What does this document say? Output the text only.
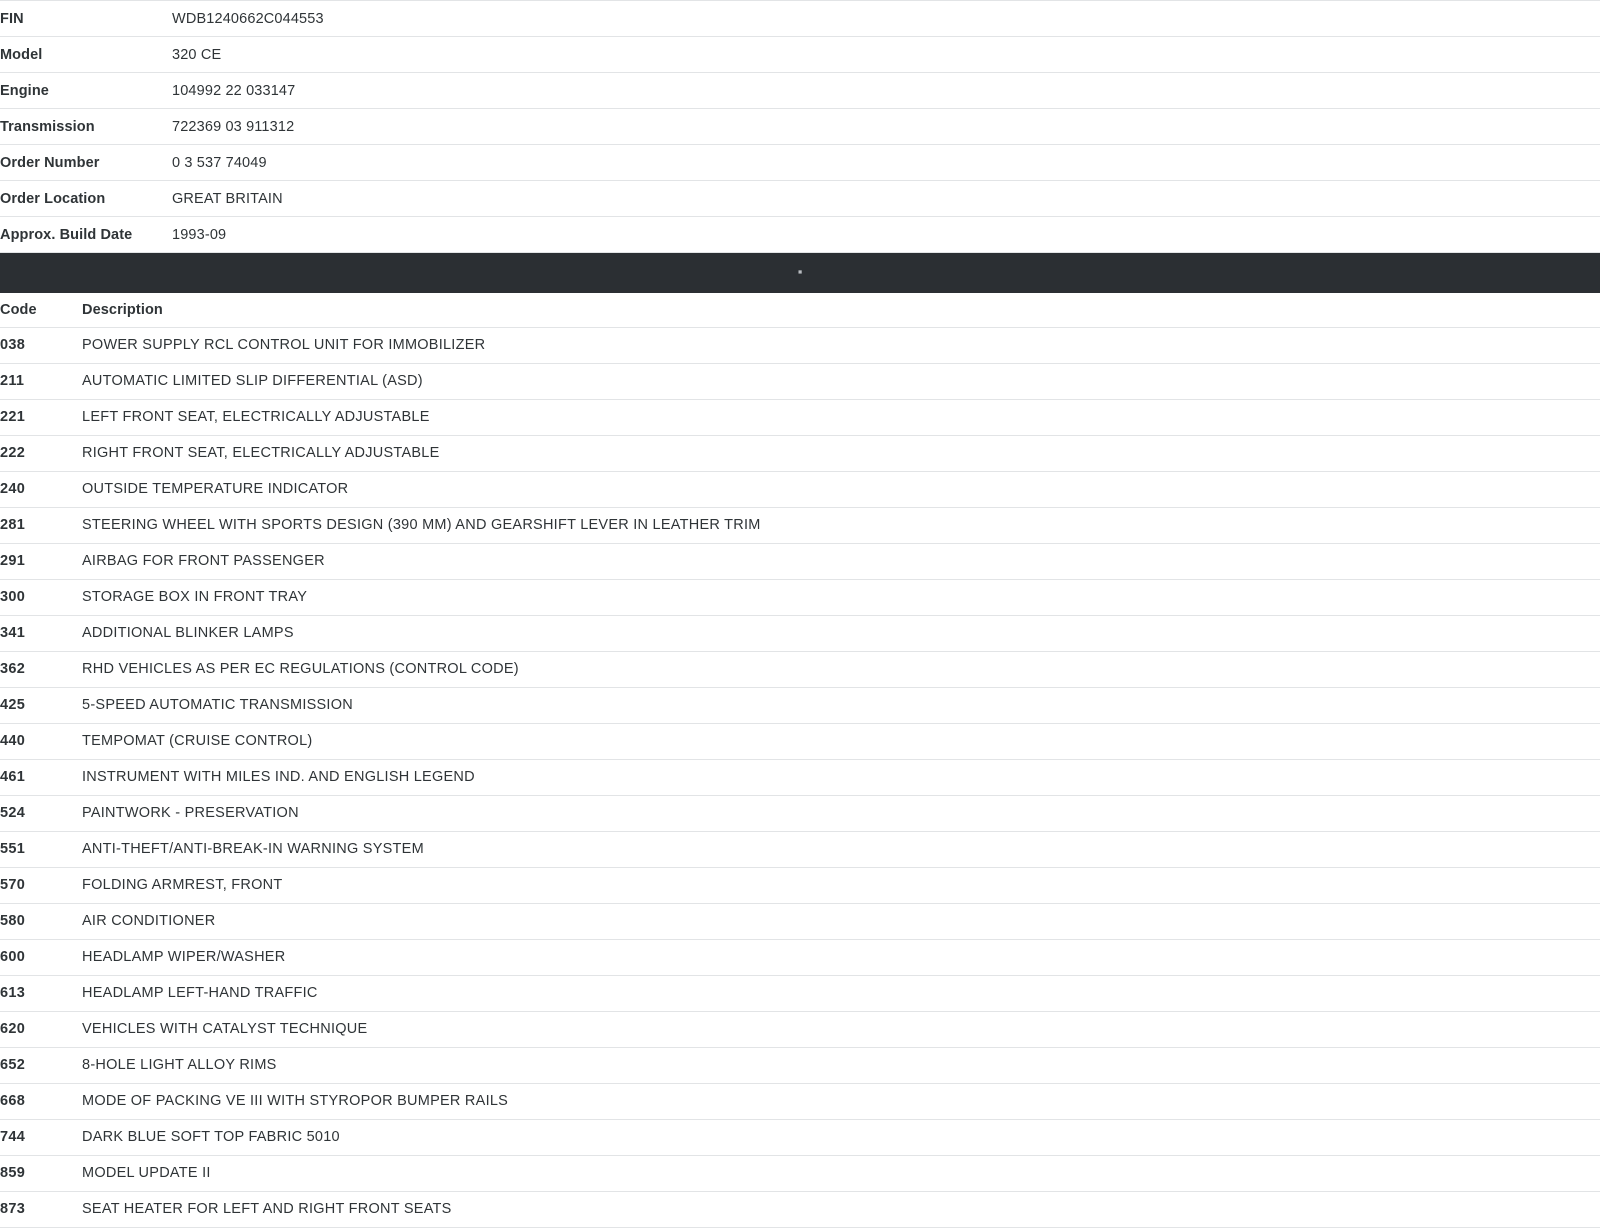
FIN	WDB1240662C044553
Model	320 CE
Engine	104992 22 033147
Transmission	722369 03 911312
Order Number	0 3 537 74049
Order Location	GREAT BRITAIN
Approx. Build Date	1993-09
▪
Code	Description
038	POWER SUPPLY RCL CONTROL UNIT FOR IMMOBILIZER
211	AUTOMATIC LIMITED SLIP DIFFERENTIAL (ASD)
221	LEFT FRONT SEAT, ELECTRICALLY ADJUSTABLE
222	RIGHT FRONT SEAT, ELECTRICALLY ADJUSTABLE
240	OUTSIDE TEMPERATURE INDICATOR
281	STEERING WHEEL WITH SPORTS DESIGN (390 MM) AND GEARSHIFT LEVER IN LEATHER TRIM
291	AIRBAG FOR FRONT PASSENGER
300	STORAGE BOX IN FRONT TRAY
341	ADDITIONAL BLINKER LAMPS
362	RHD VEHICLES AS PER EC REGULATIONS (CONTROL CODE)
425	5-SPEED AUTOMATIC TRANSMISSION
440	TEMPOMAT (CRUISE CONTROL)
461	INSTRUMENT WITH MILES IND. AND ENGLISH LEGEND
524	PAINTWORK - PRESERVATION
551	ANTI-THEFT/ANTI-BREAK-IN WARNING SYSTEM
570	FOLDING ARMREST, FRONT
580	AIR CONDITIONER
600	HEADLAMP WIPER/WASHER
613	HEADLAMP LEFT-HAND TRAFFIC
620	VEHICLES WITH CATALYST TECHNIQUE
652	8-HOLE LIGHT ALLOY RIMS
668	MODE OF PACKING VE III WITH STYROPOR BUMPER RAILS
744	DARK BLUE SOFT TOP FABRIC 5010
859	MODEL UPDATE II
873	SEAT HEATER FOR LEFT AND RIGHT FRONT SEATS
